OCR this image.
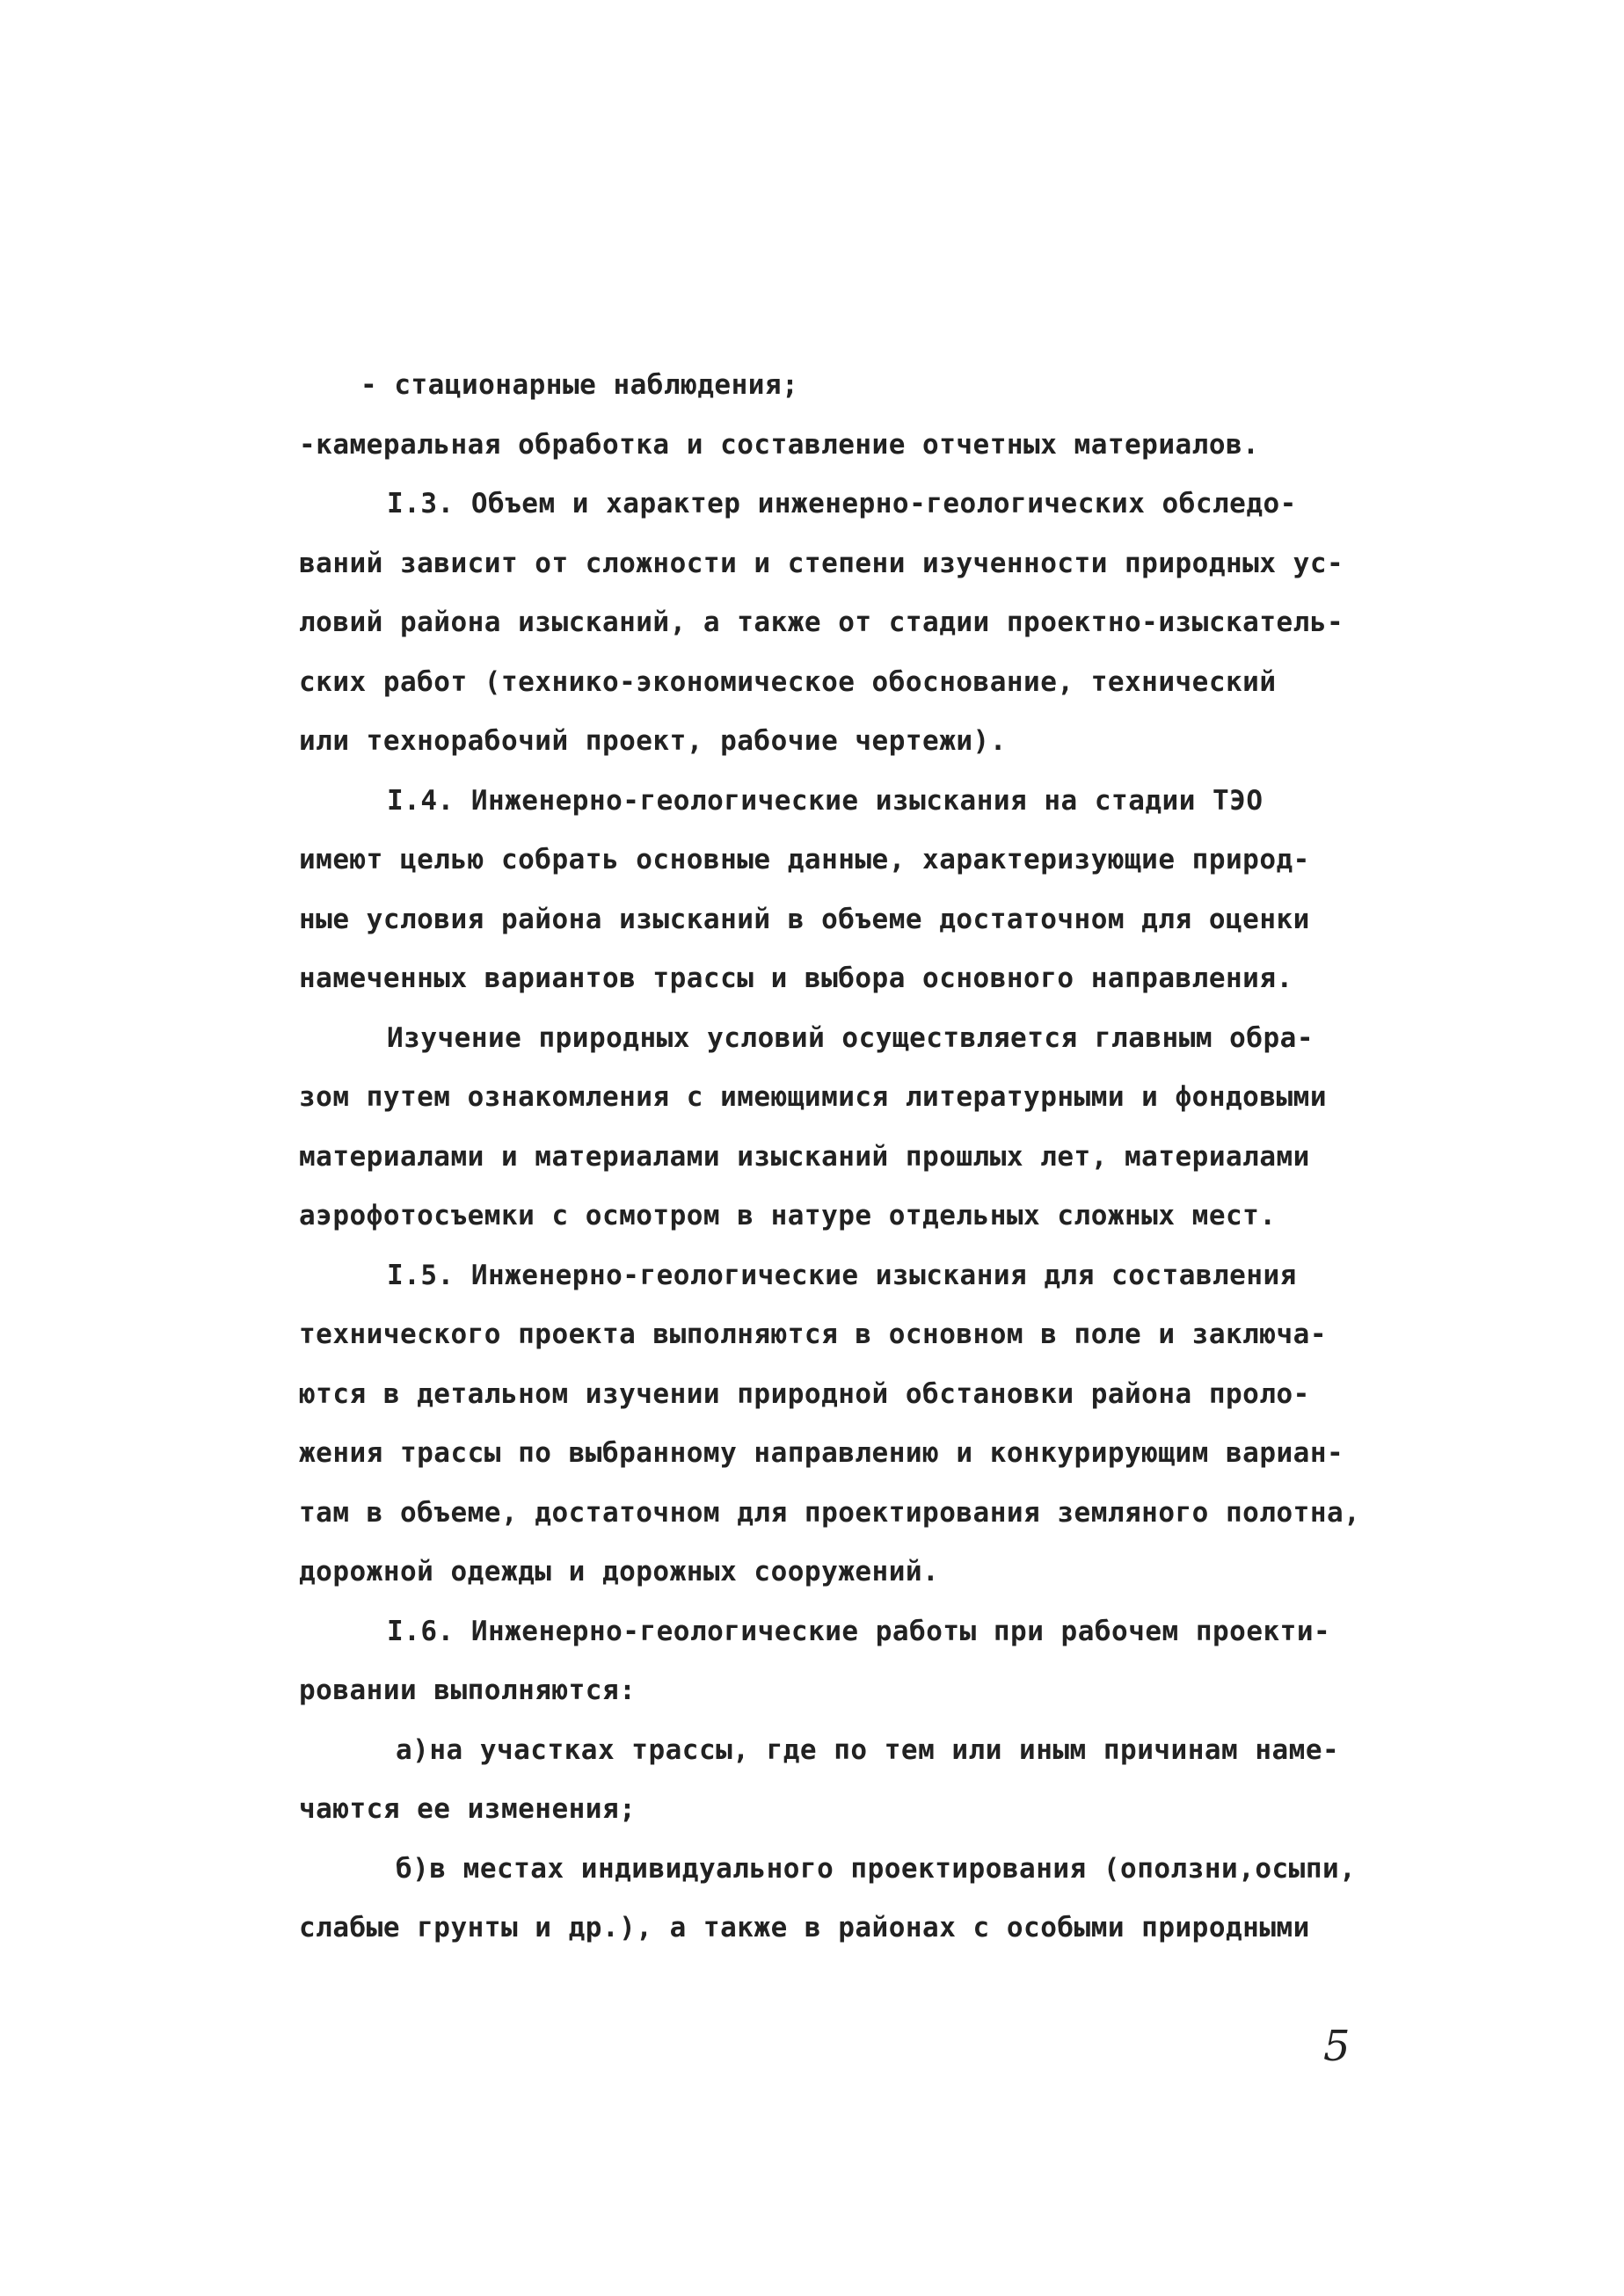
- стационарные наблюдения;
-камеральная обработка и составление отчетных материалов.
I.3. Объем и характер инженерно-геологических обследо-
ваний зависит от сложности и степени изученности природных ус-
ловий района изысканий, а также от стадии проектно-изыскатель-
ских работ (технико-экономическое обоснование, технический
или технорабочий проект, рабочие чертежи).
I.4. Инженерно-геологические изыскания на стадии ТЭО
имеют целью собрать основные данные, характеризующие природ-
ные условия района изысканий в объеме достаточном для оценки
намеченных вариантов трассы и выбора основного направления.
Изучение природных условий осуществляется главным обра-
зом путем ознакомления с имеющимися литературными и фондовыми
материалами и материалами изысканий прошлых лет, материалами
аэрофотосъемки с осмотром в натуре отдельных сложных мест.
I.5. Инженерно-геологические изыскания для составления
технического проекта выполняются в основном в поле и заключа-
ются в детальном изучении природной обстановки района проло-
жения трассы по выбранному направлению и конкурирующим вариан-
там в объеме, достаточном для проектирования земляного полотна,
дорожной одежды и дорожных сооружений.
I.6. Инженерно-геологические работы при рабочем проекти-
ровании выполняются:
а)на участках трассы, где по тем или иным причинам наме-
чаются ее изменения;
б)в местах индивидуального проектирования (оползни,осыпи,
слабые грунты и др.), а также в районах с особыми природными
5
